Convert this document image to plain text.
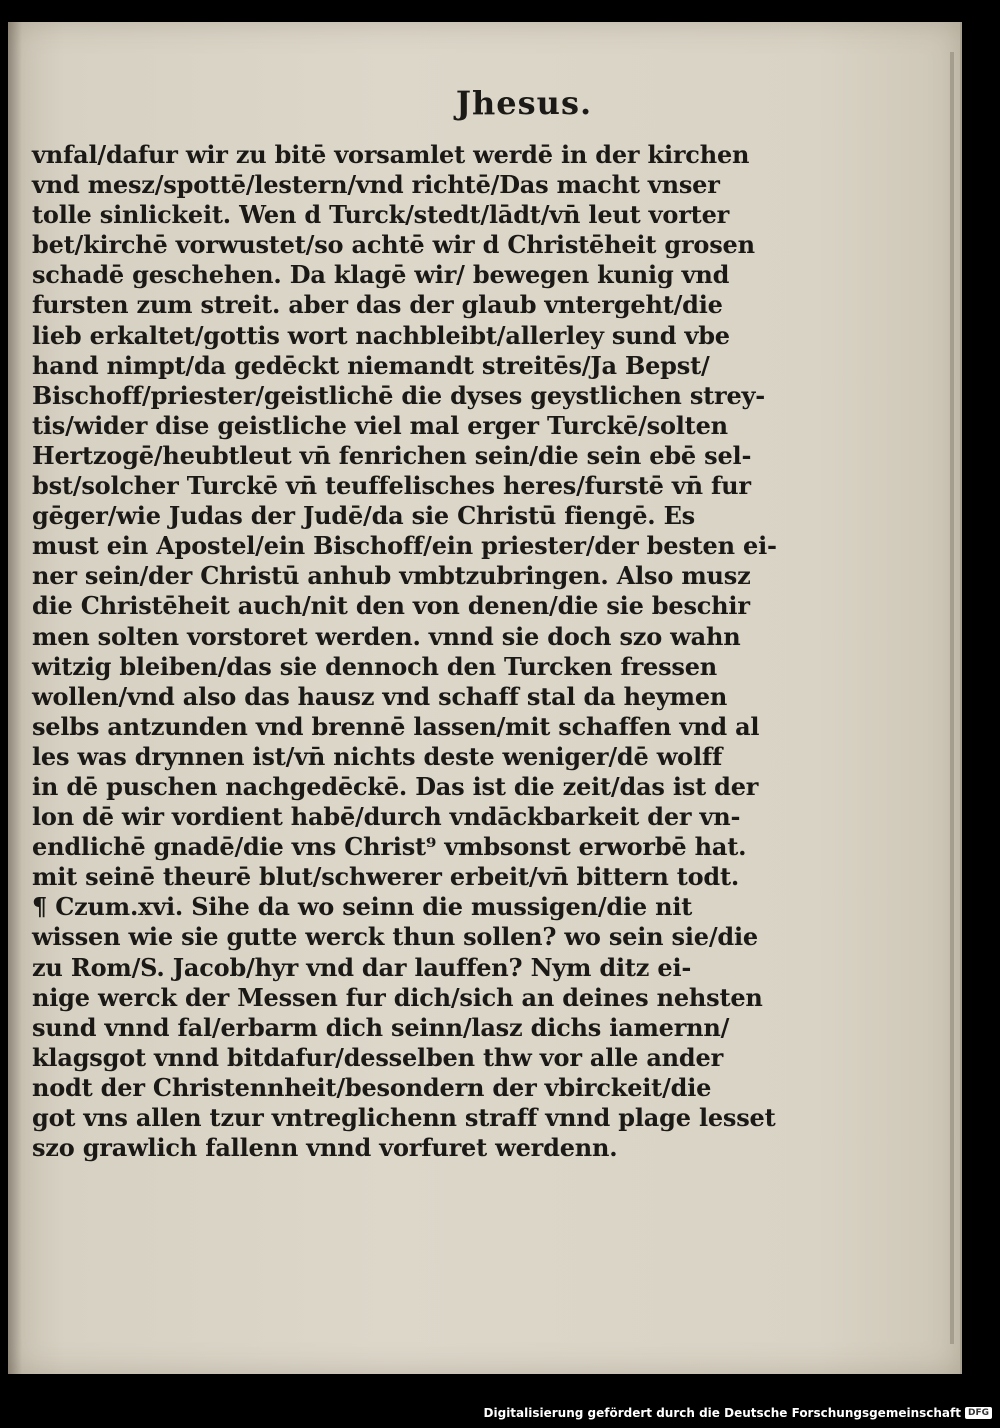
Jhesus.
vnfal/dafur wir zu bitē vorsamlet werdē in der kirchen
vnd mesz/spottē/lestern/vnd richtē/Das macht vnser
tolle sinlickeit. Wen d Turck/stedt/lādt/vn̄ leut vorter
bet/kirchē vorwustet/so achtē wir d Christēheit grosen
schadē geschehen. Da klagē wir/ bewegen kunig vnd
fursten zum streit. aber das der glaub vntergeht/die
lieb erkaltet/gottis wort nachbleibt/allerley sund vbe
hand nimpt/da gedēckt niemandt streitēs/Ja Bepst/
Bischoff/priester/geistlichē die dyses geystlichen strey-
tis/wider dise geistliche viel mal erger Turckē/solten
Hertzogē/heubtleut vn̄ fenrichen sein/die sein ebē sel-
bst/solcher Turckē vn̄ teuffelisches heres/furstē vn̄ fur
gēger/wie Judas der Judē/da sie Christū fiengē. Es
must ein Apostel/ein Bischoff/ein priester/der besten ei-
ner sein/der Christū anhub vmbtzubringen. Also musz
die Christēheit auch/nit den von denen/die sie beschir
men solten vorstoret werden. vnnd sie doch szo wahn
witzig bleiben/das sie dennoch den Turcken fressen
wollen/vnd also das hausz vnd schaff stal da heymen
selbs antzunden vnd brennē lassen/mit schaffen vnd al
les was drynnen ist/vn̄ nichts deste weniger/dē wolff
in dē puschen nachgedēckē. Das ist die zeit/das ist der
lon dē wir vordient habē/durch vndāckbarkeit der vn-
endlichē gnadē/die vns Christ⁹ vmbsonst erworbē hat.
mit seinē theurē blut/schwerer erbeit/vn̄ bittern todt.
¶ Czum.xvi. Sihe da wo seinn die mussigen/die nit
wissen wie sie gutte werck thun sollen? wo sein sie/die
zu Rom/S. Jacob/hyr vnd dar lauffen? Nym ditz ei-
nige werck der Messen fur dich/sich an deines nehsten
sund vnnd fal/erbarm dich seinn/lasz dichs iamernn/
klagsgot vnnd bitdafur/desselben thw vor alle ander
nodt der Christennheit/besondern der vbirckeit/die
got vns allen tzur vntreglichenn straff vnnd plage lesset
szo grawlich fallenn vnnd vorfuret werdenn.
Digitalisierung gefördert durch die Deutsche Forschungsgemeinschaft DFG
